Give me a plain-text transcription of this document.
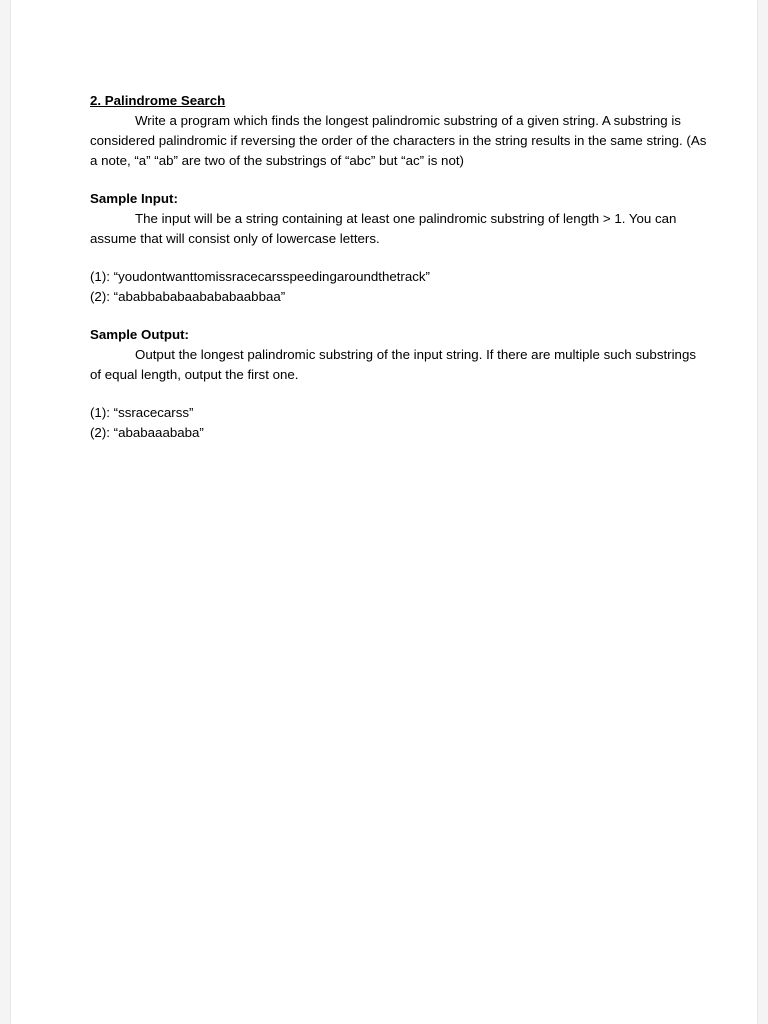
2. Palindrome Search

Write a program which finds the longest palindromic substring of a given string. A substring is considered palindromic if reversing the order of the characters in the string results in the same string. (As a note, “a” “ab” are two of the substrings of “abc” but “ac” is not)

Sample Input:

The input will be a string containing at least one palindromic substring of length > 1. You can assume that will consist only of lowercase letters.

(1): “youdontwanttomissracecarsspeedingaroundthetrack”

(2): “ababbababaabababaabbaa”

Sample Output:

Output the longest palindromic substring of the input string. If there are multiple such substrings of equal length, output the first one.

(1): “ssracecarss”

(2): “ababaaababa”
